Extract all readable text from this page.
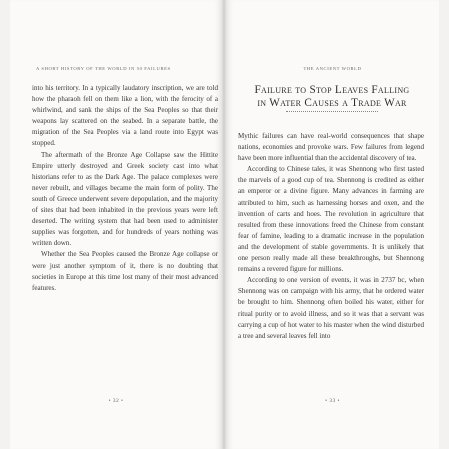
A SHORT HISTORY OF THE WORLD IN 50 FAILURES

into his territory. In a typically laudatory inscription, we are told how the pharaoh fell on them like a lion, with the ferocity of a whirlwind, and sank the ships of the Sea Peoples so that their weapons lay scattered on the seabed. In a separate battle, the migration of the Sea Peoples via a land route into Egypt was stopped.

The aftermath of the Bronze Age Collapse saw the Hittite Empire utterly destroyed and Greek society cast into what historians refer to as the Dark Age. The palace complexes were never rebuilt, and villages became the main form of polity. The south of Greece underwent severe depopulation, and the majority of sites that had been inhabited in the previous years were left deserted. The writing system that had been used to administer supplies was forgotten, and for hundreds of years nothing was written down.

Whether the Sea Peoples caused the Bronze Age collapse or were just another symptom of it, there is no doubting that societies in Europe at this time lost many of their most advanced features.

• 32 •
THE ANCIENT WORLD
Failure to Stop Leaves Falling
in Water Causes a Trade War

Mythic failures can have real-world consequences that shape nations, economies and provoke wars. Few failures from legend have been more influential than the accidental discovery of tea.

According to Chinese tales, it was Shennong who first tasted the marvels of a good cup of tea. Shennong is credited as either an emperor or a divine figure. Many advances in farming are attributed to him, such as harnessing horses and oxen, and the invention of carts and hoes. The revolution in agriculture that resulted from these innovations freed the Chinese from constant fear of famine, leading to a dramatic increase in the population and the development of stable governments. It is unlikely that one person really made all these breakthroughs, but Shennong remains a revered figure for millions.

According to one version of events, it was in 2737 bc, when Shennong was on campaign with his army, that he ordered water be brought to him. Shennong often boiled his water, either for ritual purity or to avoid illness, and so it was that a servant was carrying a cup of hot water to his master when the wind disturbed a tree and several leaves fell into

• 33 •
